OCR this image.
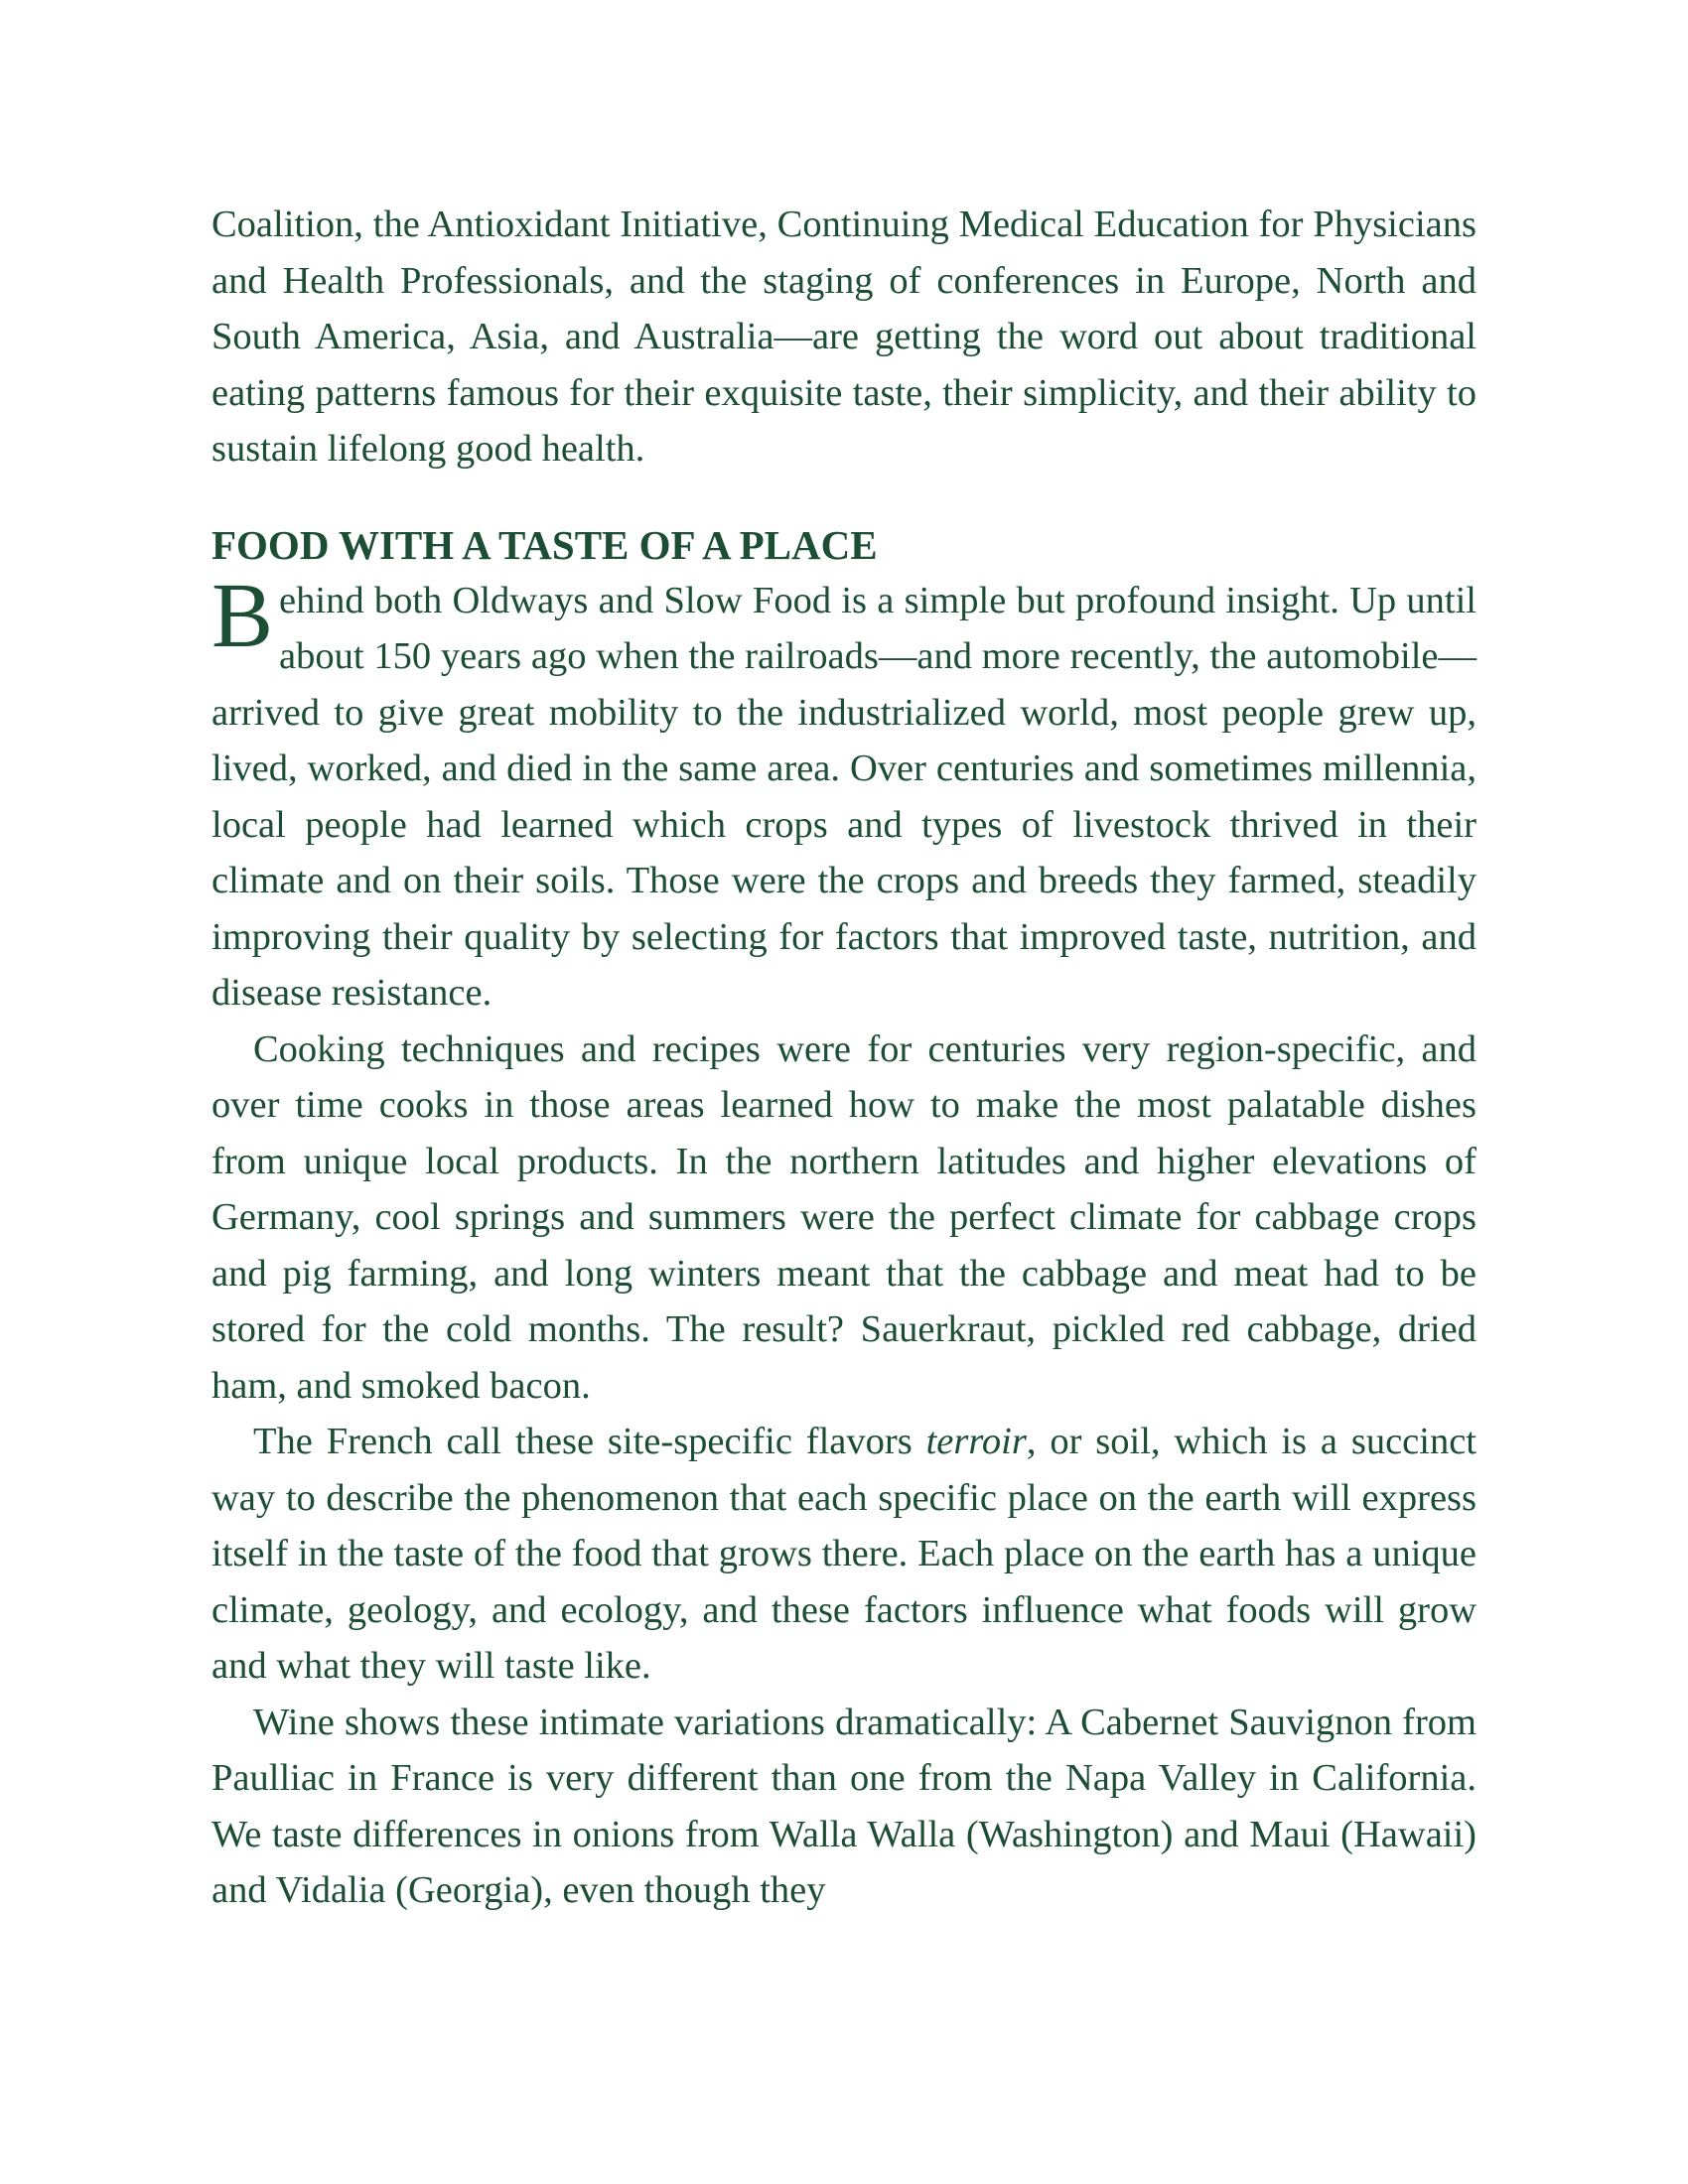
Coalition, the Antioxidant Initiative, Continuing Medical Education for Physicians and Health Professionals, and the staging of conferences in Europe, North and South America, Asia, and Australia—are getting the word out about traditional eating patterns famous for their exquisite taste, their simplicity, and their ability to sustain lifelong good health.

FOOD WITH A TASTE OF A PLACE

Behind both Oldways and Slow Food is a simple but profound insight. Up until about 150 years ago when the railroads—and more recently, the automobile—arrived to give great mobility to the industrialized world, most people grew up, lived, worked, and died in the same area. Over centuries and sometimes millennia, local people had learned which crops and types of livestock thrived in their climate and on their soils. Those were the crops and breeds they farmed, steadily improving their quality by selecting for factors that improved taste, nutrition, and disease resistance.

Cooking techniques and recipes were for centuries very region-specific, and over time cooks in those areas learned how to make the most palatable dishes from unique local products. In the northern latitudes and higher elevations of Germany, cool springs and summers were the perfect climate for cabbage crops and pig farming, and long winters meant that the cabbage and meat had to be stored for the cold months. The result? Sauerkraut, pickled red cabbage, dried ham, and smoked bacon.

The French call these site-specific flavors terroir, or soil, which is a succinct way to describe the phenomenon that each specific place on the earth will express itself in the taste of the food that grows there. Each place on the earth has a unique climate, geology, and ecology, and these factors influence what foods will grow and what they will taste like.

Wine shows these intimate variations dramatically: A Cabernet Sauvignon from Paulliac in France is very different than one from the Napa Valley in California. We taste differences in onions from Walla Walla (Washington) and Maui (Hawaii) and Vidalia (Georgia), even though they
